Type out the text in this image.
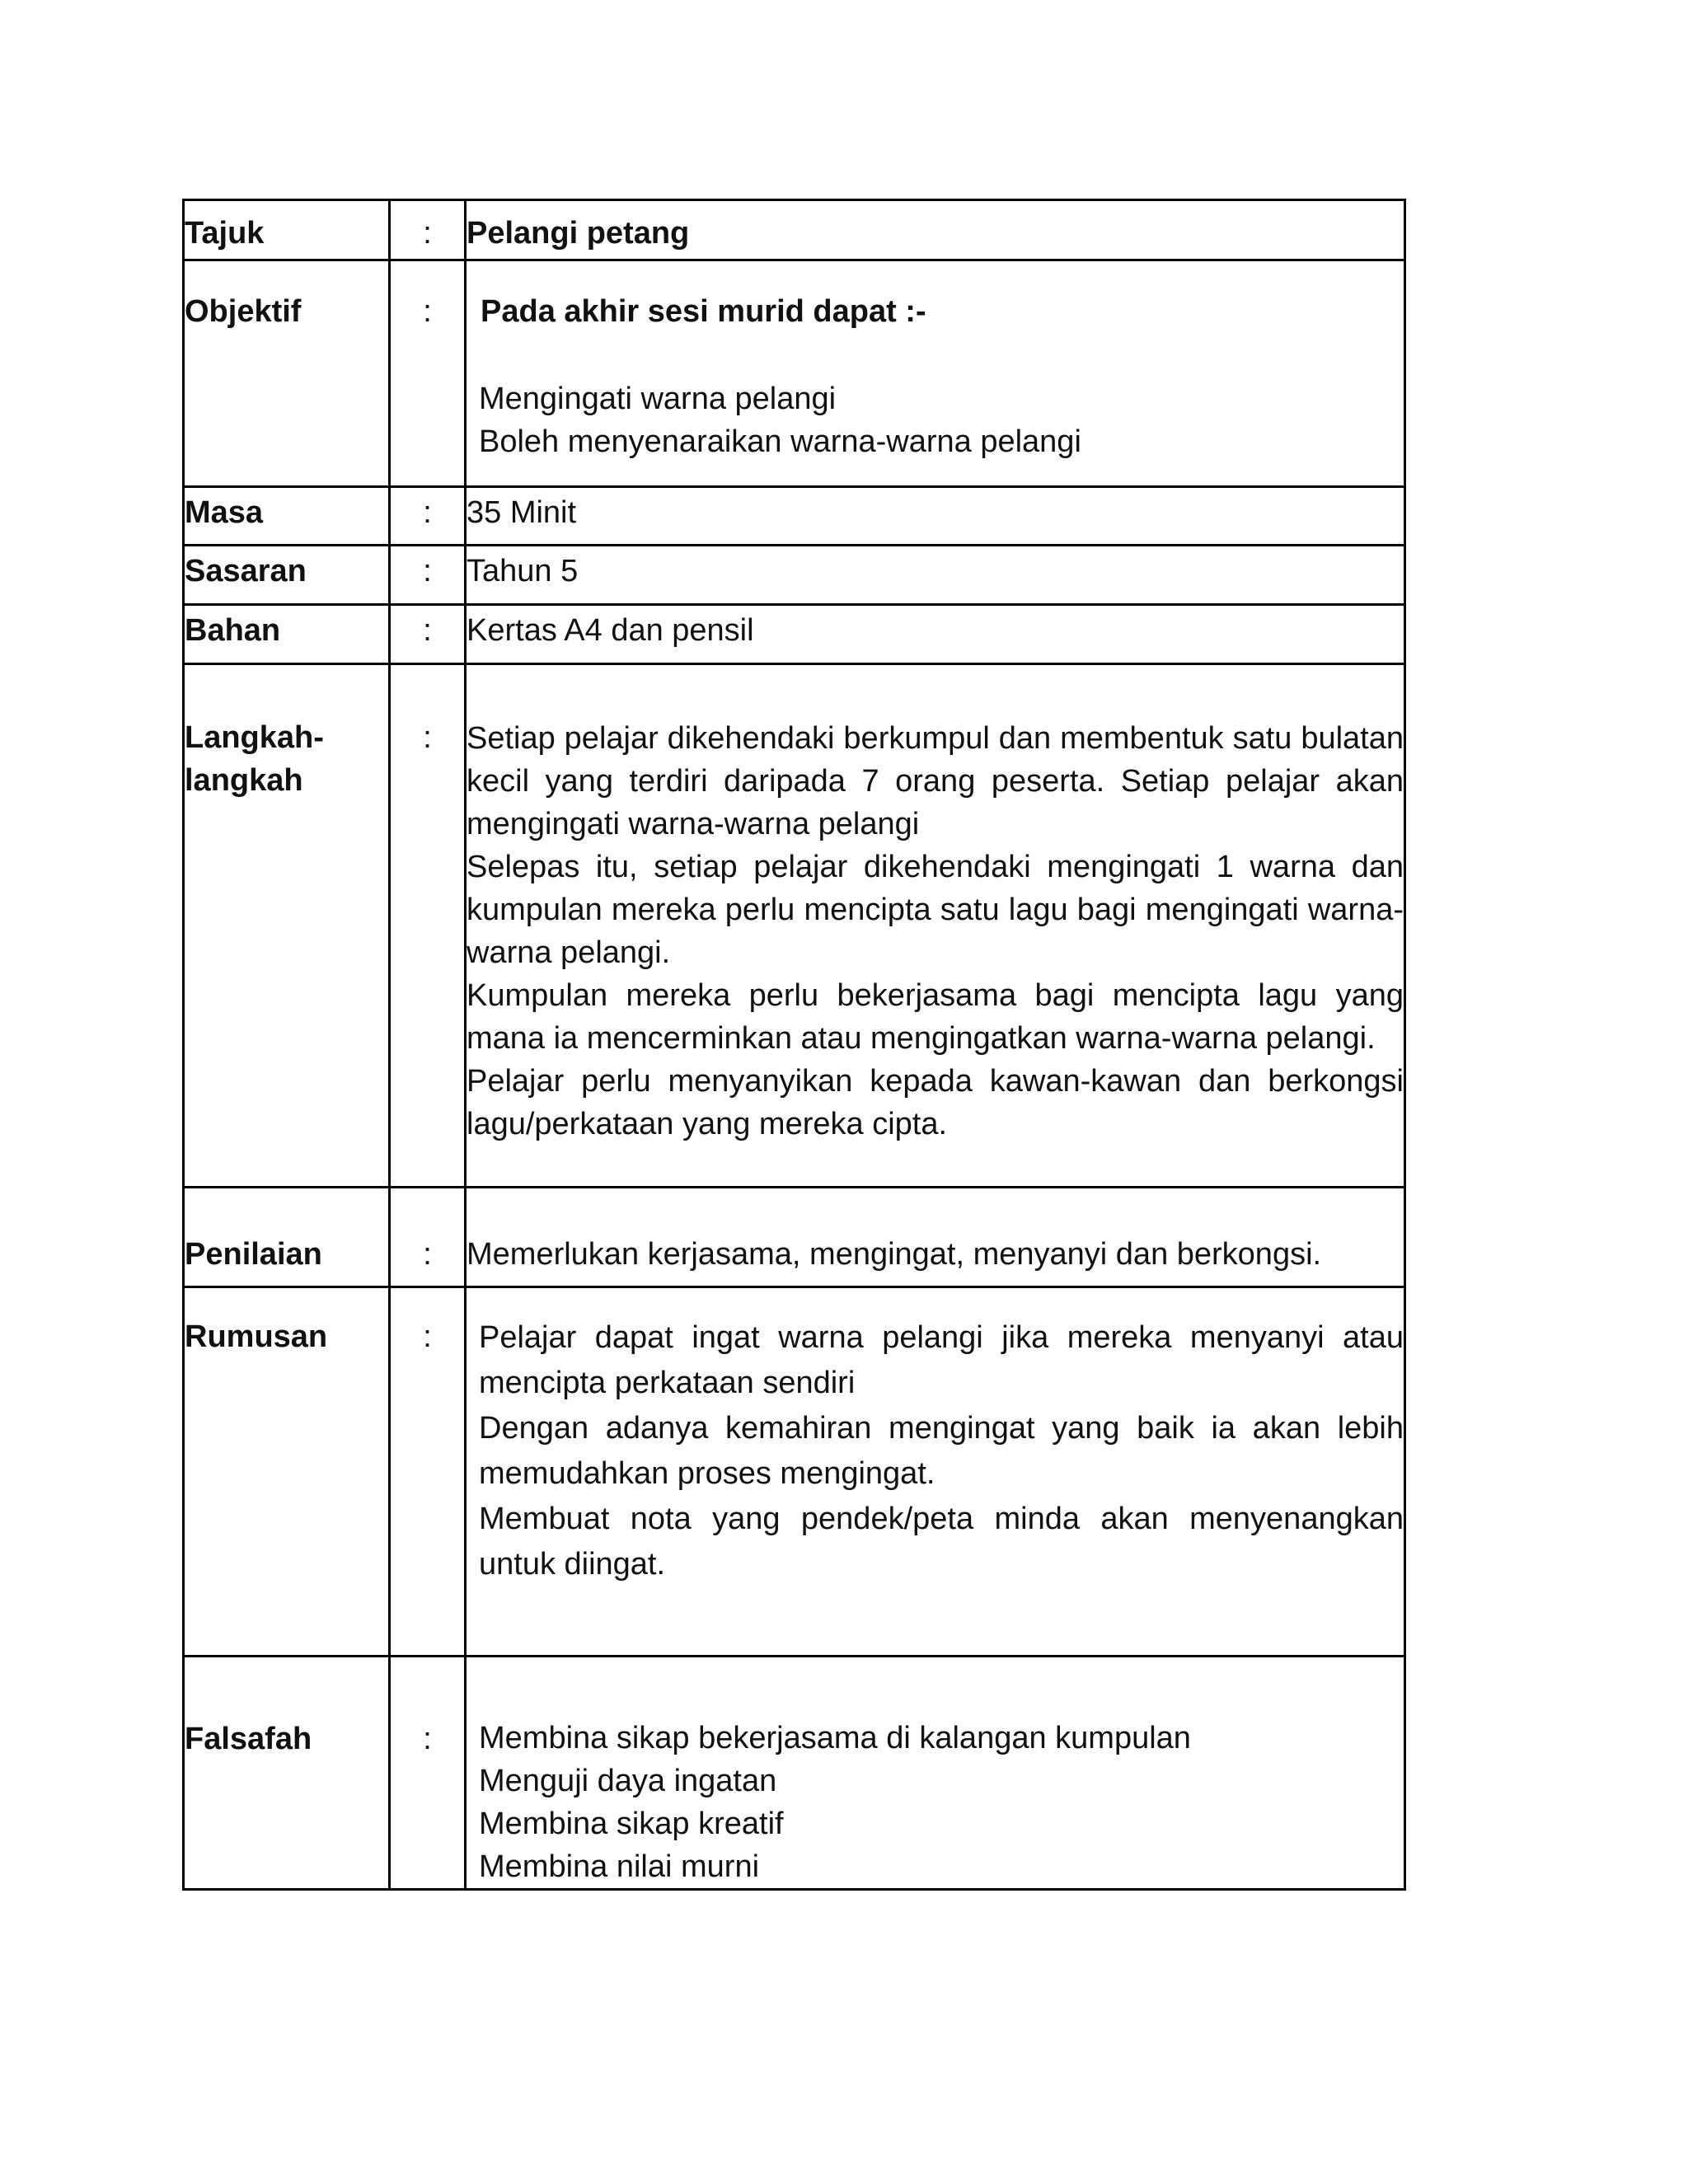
Tajuk	:	Pelangi petang
Objektif	:	Pada akhir sesi murid dapat :-

Mengingati warna pelangi

Boleh menyenaraikan warna-warna pelangi

Masa	:	35 Minit
Sasaran	:	Tahun 5
Bahan	:	Kertas A4 dan pensil
Langkah-langkah	:	Setiap pelajar dikehendaki berkumpul dan membentuk satu bulatan kecil yang terdiri daripada 7 orang peserta. Setiap pelajar akan mengingati warna-warna pelangi

Selepas itu, setiap pelajar dikehendaki mengingati 1 warna dan kumpulan mereka perlu mencipta satu lagu bagi mengingati warna-warna pelangi.

Kumpulan mereka perlu bekerjasama bagi mencipta lagu yang mana ia mencerminkan atau mengingatkan warna-warna pelangi.

Pelajar perlu menyanyikan kepada kawan-kawan dan berkongsi lagu/perkataan yang mereka cipta.

Penilaian	:	Memerlukan kerjasama, mengingat, menyanyi dan berkongsi.
Rumusan	:	Pelajar dapat ingat warna pelangi jika mereka menyanyi atau mencipta perkataan sendiri

Dengan adanya kemahiran mengingat yang baik ia akan lebih memudahkan proses mengingat.

Membuat nota yang pendek/peta minda akan menyenangkan untuk diingat.

Falsafah	:	Membina sikap bekerjasama di kalangan kumpulan

Menguji daya ingatan

Membina sikap kreatif

Membina nilai murni
